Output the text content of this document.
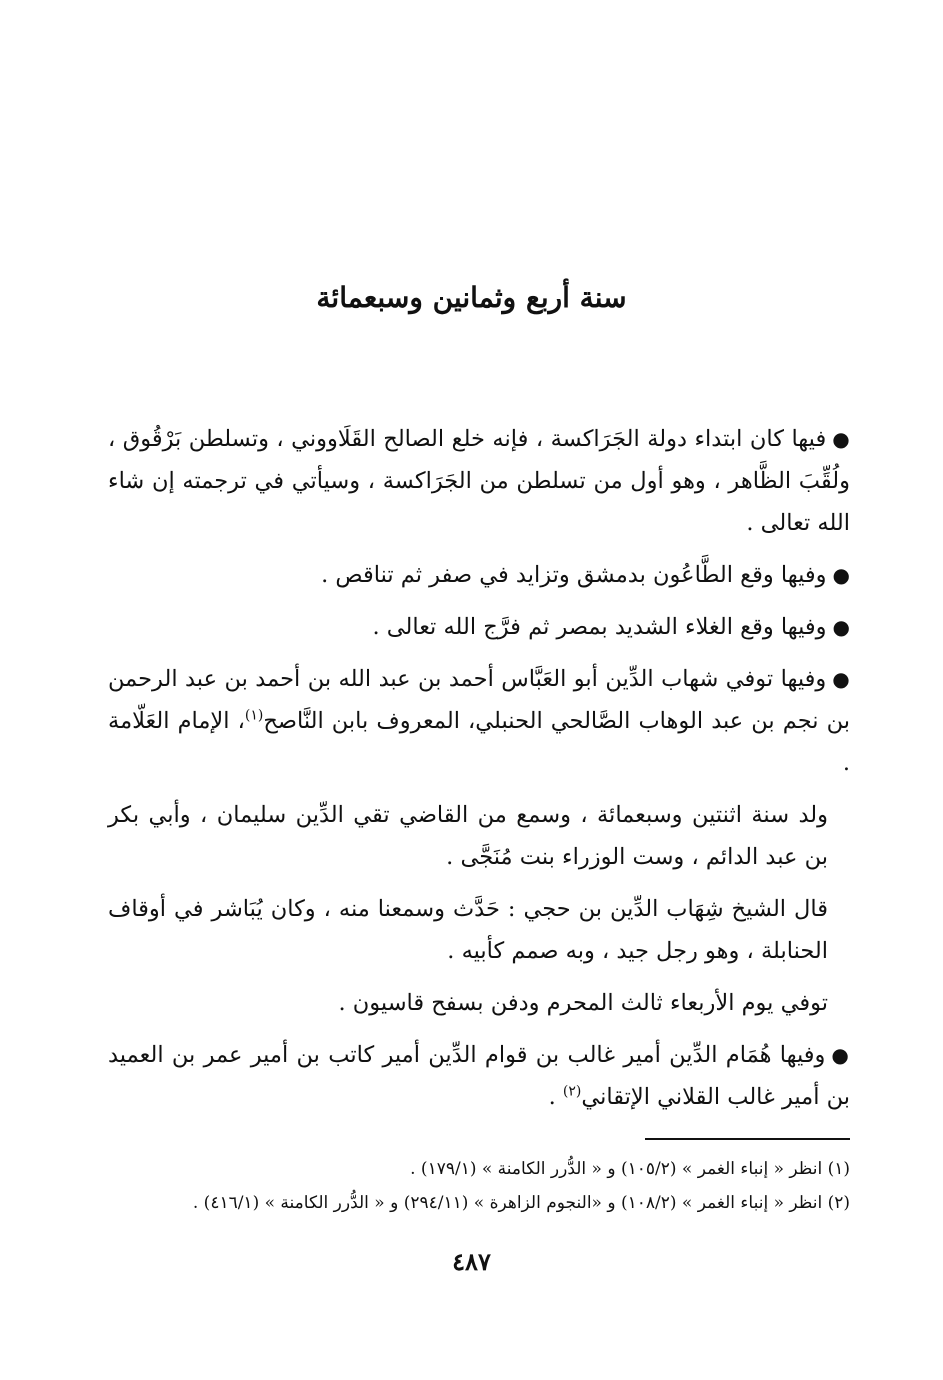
سنة أربع وثمانين وسبعمائة

●فيها كان ابتداء دولة الجَرَاكسة ، فإنه خلع الصالح القَلَاووني ، وتسلطن بَرْقُوق ، ولُقِّبَ الظَّاهر ، وهو أول من تسلطن من الجَرَاكسة ، وسيأتي في ترجمته إن شاء الله تعالى .

●وفيها وقع الطَّاعُون بدمشق وتزايد في صفر ثم تناقص .

●وفيها وقع الغلاء الشديد بمصر ثم فرَّج الله تعالى .

●وفيها توفي شهاب الدِّين أبو العَبَّاس أحمد بن عبد الله بن أحمد بن عبد الرحمن بن نجم بن عبد الوهاب الصَّالحي الحنبلي، المعروف بابن النَّاصح$^{(١)}$، الإمام العَلّامة .

ولد سنة اثنتين وسبعمائة ، وسمع من القاضي تقي الدِّين سليمان ، وأبي بكر بن عبد الدائم ، وست الوزراء بنت مُنَجَّى .

قال الشيخ شِهَاب الدِّين بن حجي : حَدَّث وسمعنا منه ، وكان يُبَاشر في أوقاف الحنابلة ، وهو رجل جيد ، وبه صمم كأبيه .

توفي يوم الأربعاء ثالث المحرم ودفن بسفح قاسيون .

●وفيها هُمَام الدِّين أمير غالب بن قوام الدِّين أمير كاتب بن أمير عمر بن العميد بن أمير غالب القلاني الإتقاني$^{(٢)}$ .

(١) انظر « إنباء الغمر » (١٠٥/٢) و « الدُّرر الكامنة » (١٧٩/١) .

(٢) انظر « إنباء الغمر » (١٠٨/٢) و «النجوم الزاهرة » (٢٩٤/١١) و « الدُّرر الكامنة » (٤١٦/١) .

٤٨٧
